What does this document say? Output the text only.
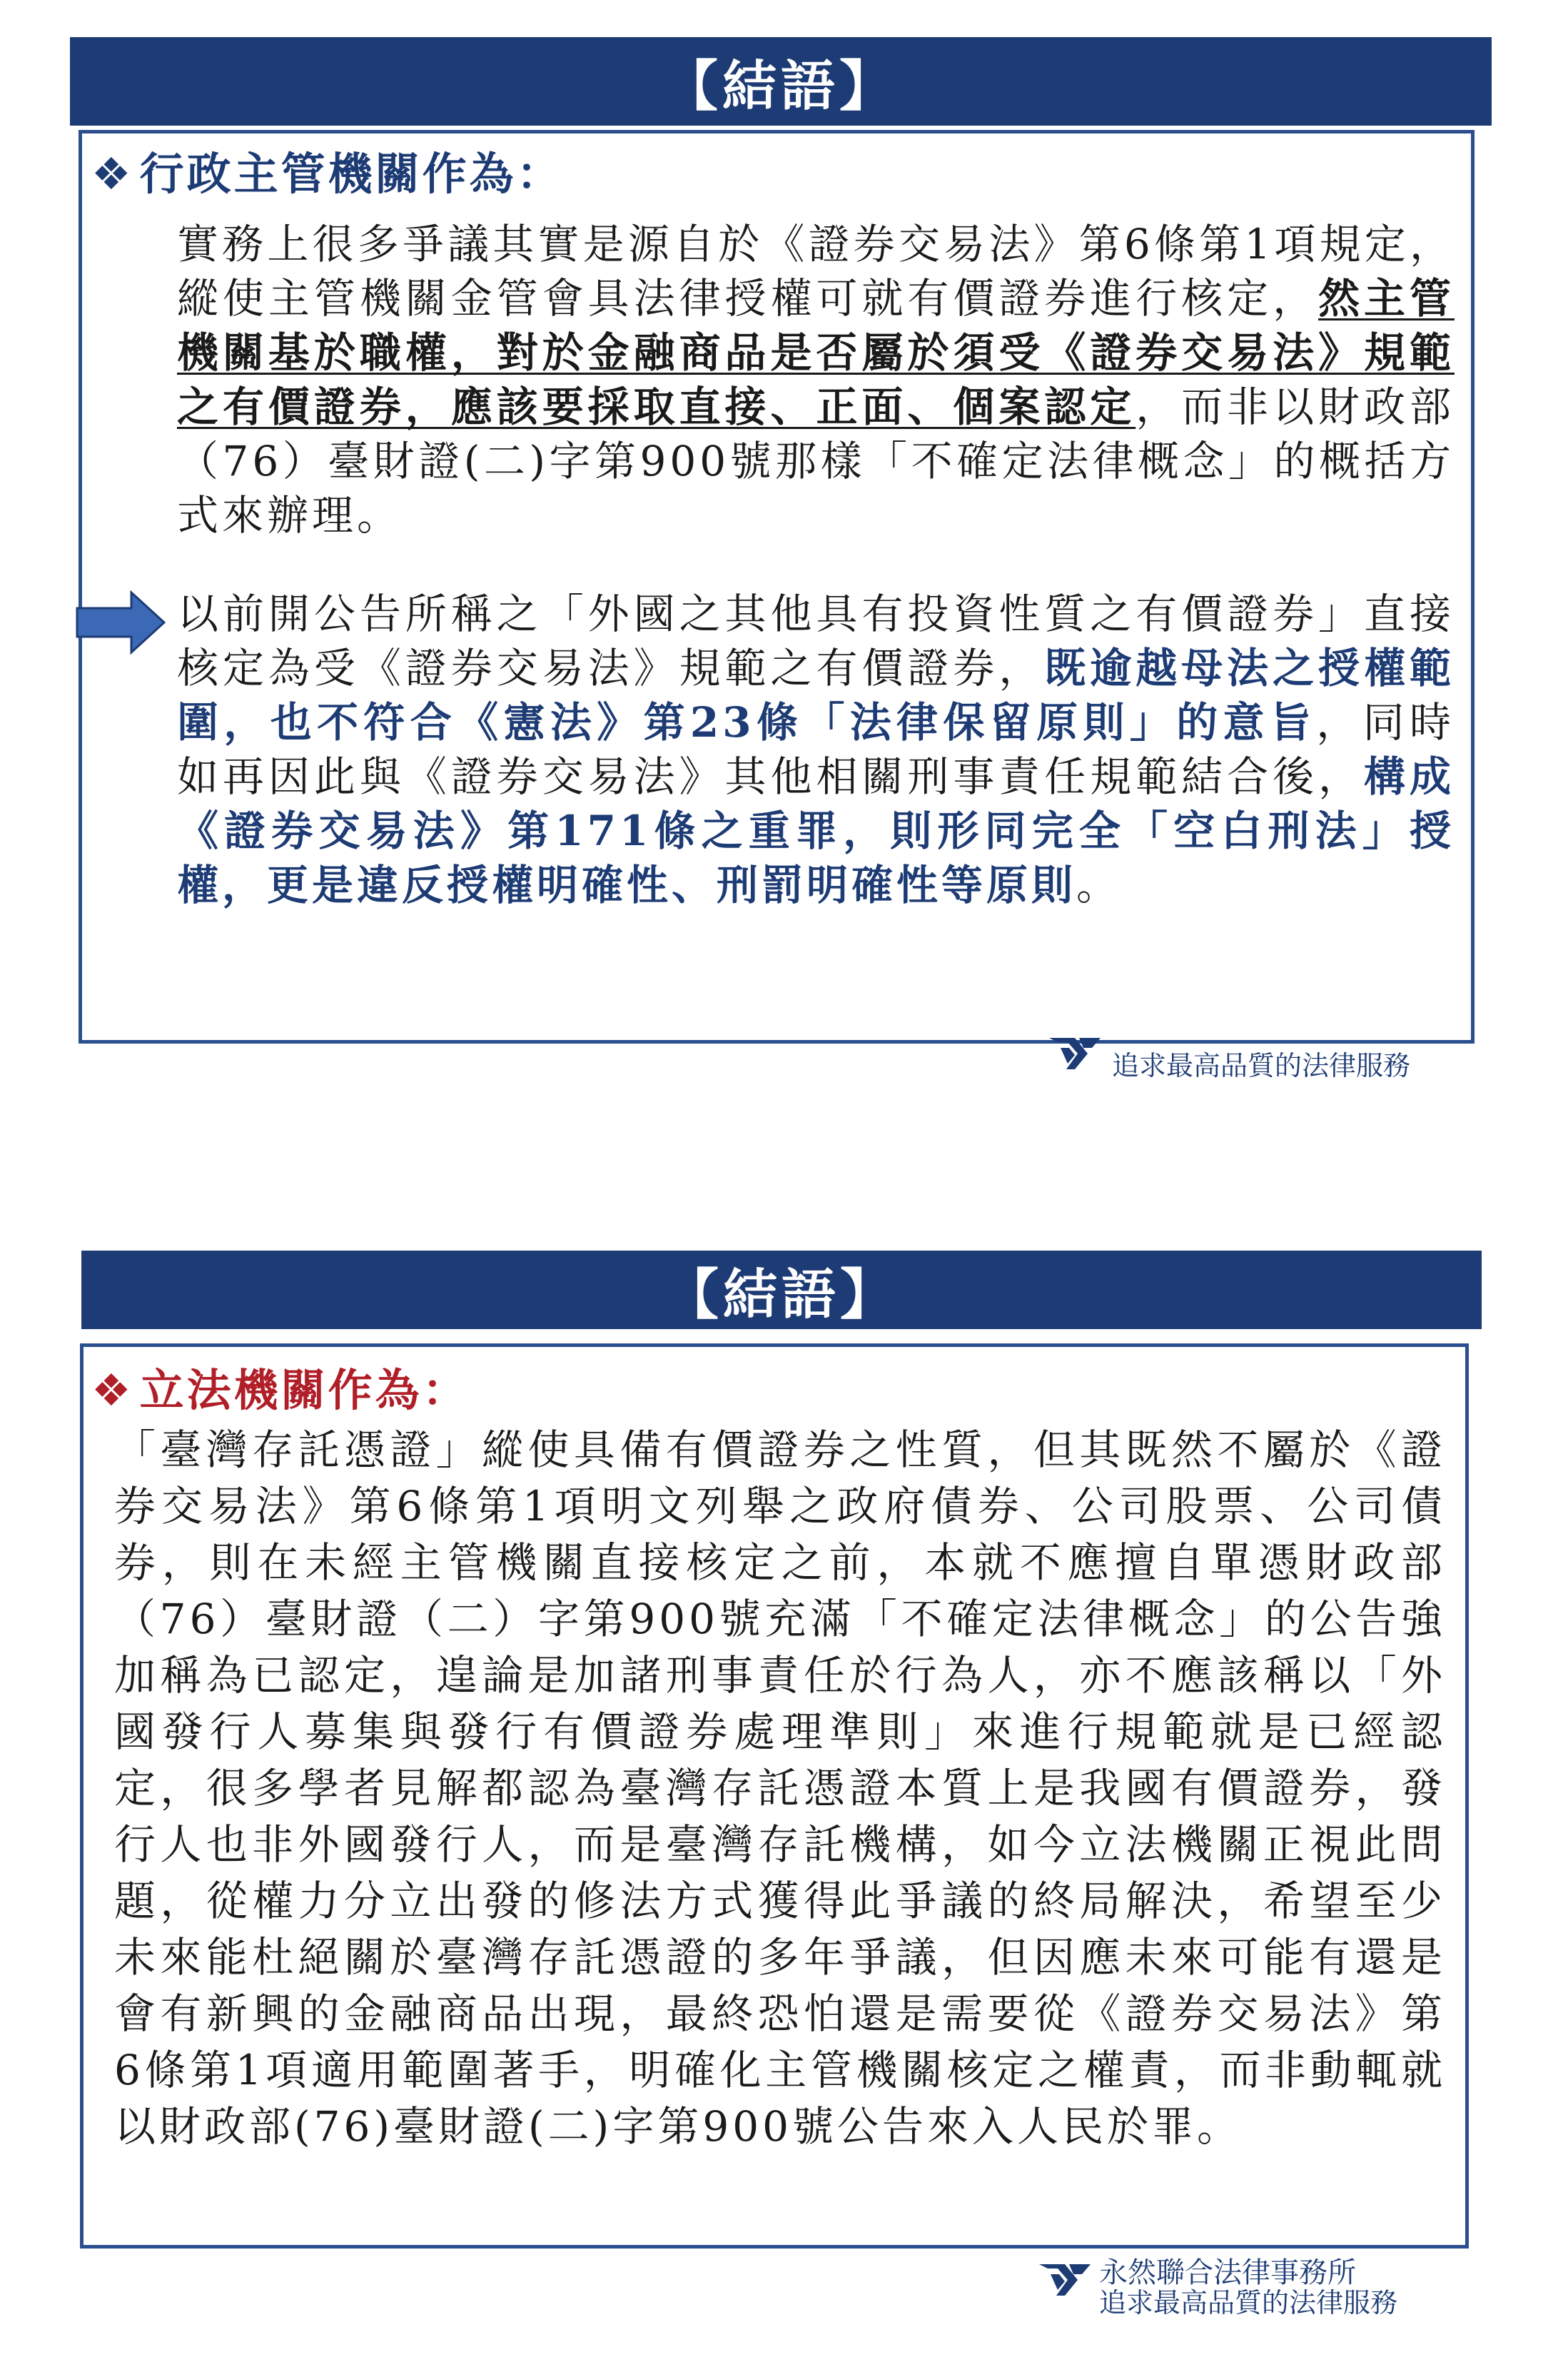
【結語】
❖ 行政主管機關作為：
實務上很多爭議其實是源自於《證券交易法》第6條第1項規定，縱使主管機關金管會具法律授權可就有價證券進行核定，然主管機關基於職權，對於金融商品是否屬於須受《證券交易法》規範之有價證券，應該要採取直接、正面、個案認定，而非以財政部（76）臺財證(二)字第900號那樣「不確定法律概念」的概括方式來辦理。
以前開公告所稱之「外國之其他具有投資性質之有價證券」直接核定為受《證券交易法》規範之有價證券，既逾越母法之授權範圍，也不符合《憲法》第23條「法律保留原則」的意旨，同時如再因此與《證券交易法》其他相關刑事責任規範結合後，構成《證券交易法》第171條之重罪，則形同完全「空白刑法」授權，更是違反授權明確性、刑罰明確性等原則。
追求最高品質的法律服務
【結語】
❖ 立法機關作為：
「臺灣存託憑證」縱使具備有價證券之性質，但其既然不屬於《證券交易法》第6條第1項明文列舉之政府債券、公司股票、公司債券，則在未經主管機關直接核定之前，本就不應擅自單憑財政部（76）臺財證（二）字第900號充滿「不確定法律概念」的公告強加稱為已認定，遑論是加諸刑事責任於行為人，亦不應該稱以「外國發行人募集與發行有價證券處理準則」來進行規範就是已經認定，很多學者見解都認為臺灣存託憑證本質上是我國有價證券，發行人也非外國發行人，而是臺灣存託機構，如今立法機關正視此問題，從權力分立出發的修法方式獲得此爭議的終局解決，希望至少未來能杜絕關於臺灣存託憑證的多年爭議，但因應未來可能有還是會有新興的金融商品出現，最終恐怕還是需要從《證券交易法》第6條第1項適用範圍著手，明確化主管機關核定之權責，而非動輒就以財政部(76)臺財證(二)字第900號公告來入人民於罪。
永然聯合法律事務所
追求最高品質的法律服務
